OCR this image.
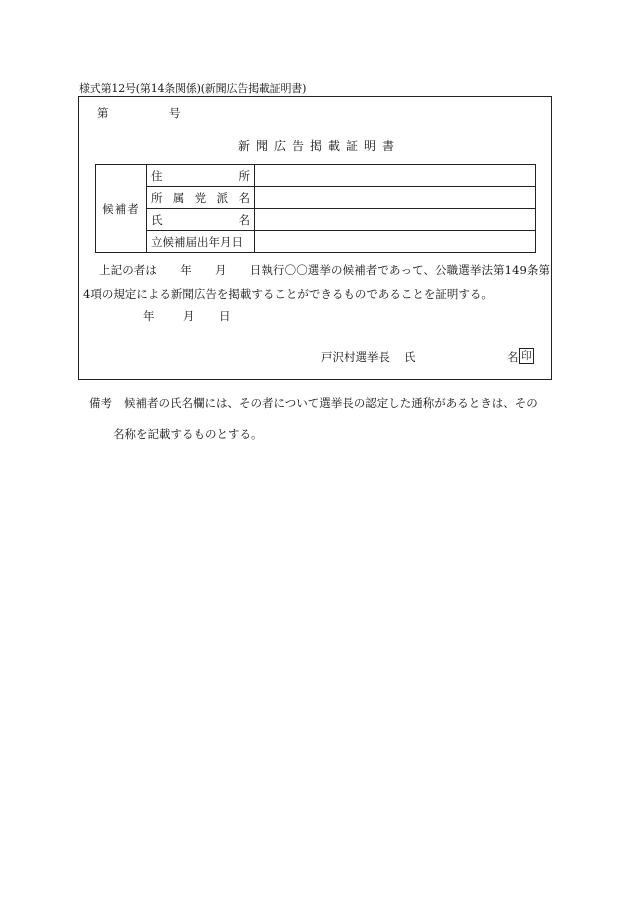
様式第12号(第14条関係)(新聞広告掲載証明書)
第	号
新聞広告掲載証明書
候補者	住 所	

	所 属 党 派 名	

	氏 名	

	立候補届出年月日	
上記の者は　　年　　月　　日執行〇〇選挙の候補者であって、公職選挙法第149条第
4項の規定による新聞広告を掲載することができるものであることを証明する。
年 月 日
戸沢村選挙長 氏	名 印
備考 候補者の氏名欄には、その者について選挙長の認定した通称があるときは、その
名称を記載するものとする。
